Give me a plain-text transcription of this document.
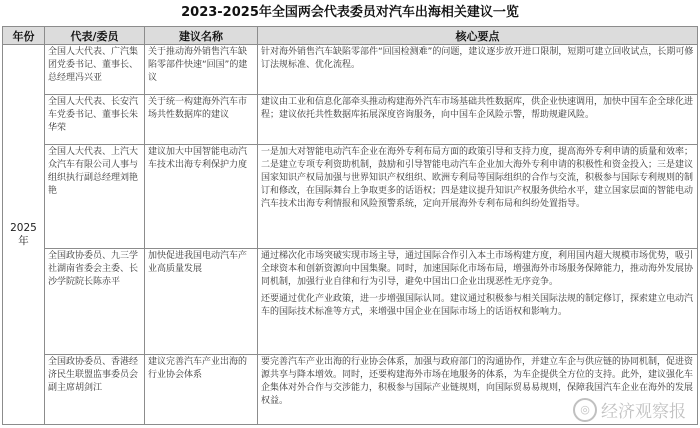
2023-2025年全国两会代表委员对汽车出海相关建议一览
年份	代表/委员	建议名称	核心要点
2025年	全国人大代表、广汽集团党委书记、董事长、总经理冯兴亚	关于推动海外销售汽车缺陷零部件快速“回国”的建议	针对海外销售汽车缺陷零部件“回国检测难”的问题，建议逐步放开进口限制，短期可建立回收试点，长期可修订法规标准、优化流程。
	全国人大代表、长安汽车党委书记、董事长朱华荣	关于统一构建海外汽车市场共性数据库的建议	建议由工业和信息化部牵头推动构建海外汽车市场基础共性数据库，供企业快速调用，加快中国车企全球化进程；建议依托共性数据库拓展深度咨询服务，向中国车企风险示警，帮助规避风险。
	全国人大代表、上汽大众汽车有限公司人事与组织执行副总经理刘艳艳	建议加大中国智能电动汽车技术出海专利保护力度	一是加大对智能电动汽车企业在海外专利布局方面的政策引导和支持力度，提高海外专利申请的质量和效率；二是建立专项专利资助机制，鼓励和引导智能电动汽车企业加大海外专利申请的积极性和资金投入；三是建议国家知识产权局加强与世界知识产权组织、欧洲专利局等国际组织的合作与交流，积极参与国际专利规则的制订和修改，在国际舞台上争取更多的话语权；四是建议提升知识产权服务供给水平，建立国家层面的智能电动汽车技术出海专利情报和风险预警系统，定向开展海外专利布局和纠纷处置指导。
	全国政协委员、九三学社湖南省委会主委、长沙学院院长陈赤平	加快促进我国电动汽车产业高质量发展	通过梯次化市场突破实现市场主导，通过国际合作引入本土市场构建方度，利用国内超大规模市场优势，吸引全球资本和创新资源向中国集聚。同时，加速国际化市场布局，增强海外市场服务保障能力，推动海外发展协同机制，加强行业自律和行为引导，避免中国出口企业出现恶性无序竞争。
还要通过优化产业政策，进一步增强国际认同。建议通过积极参与相关国际法规的制定修订，探索建立电动汽车的国际技术标准等方式，来增强中国企业在国际市场上的话语权和影响力。

	全国政协委员、香港经济民生联盟监事委员会副主席胡剑江	建议完善汽车产业出海的行业协会体系	要完善汽车产业出海的行业协会体系，加强与政府部门的沟通协作，并建立车企与供应链的协同机制，促进资源共享与降本增效。同时，还要构建海外市场在地服务的体系，为车企提供全方位的支持。此外，建议强化车企集体对外合作与交涉能力，积极参与国际产业链规则，向国际贸易易规则，保障我国汽车企业在海外的发展权益。
◎ 经济观察报
